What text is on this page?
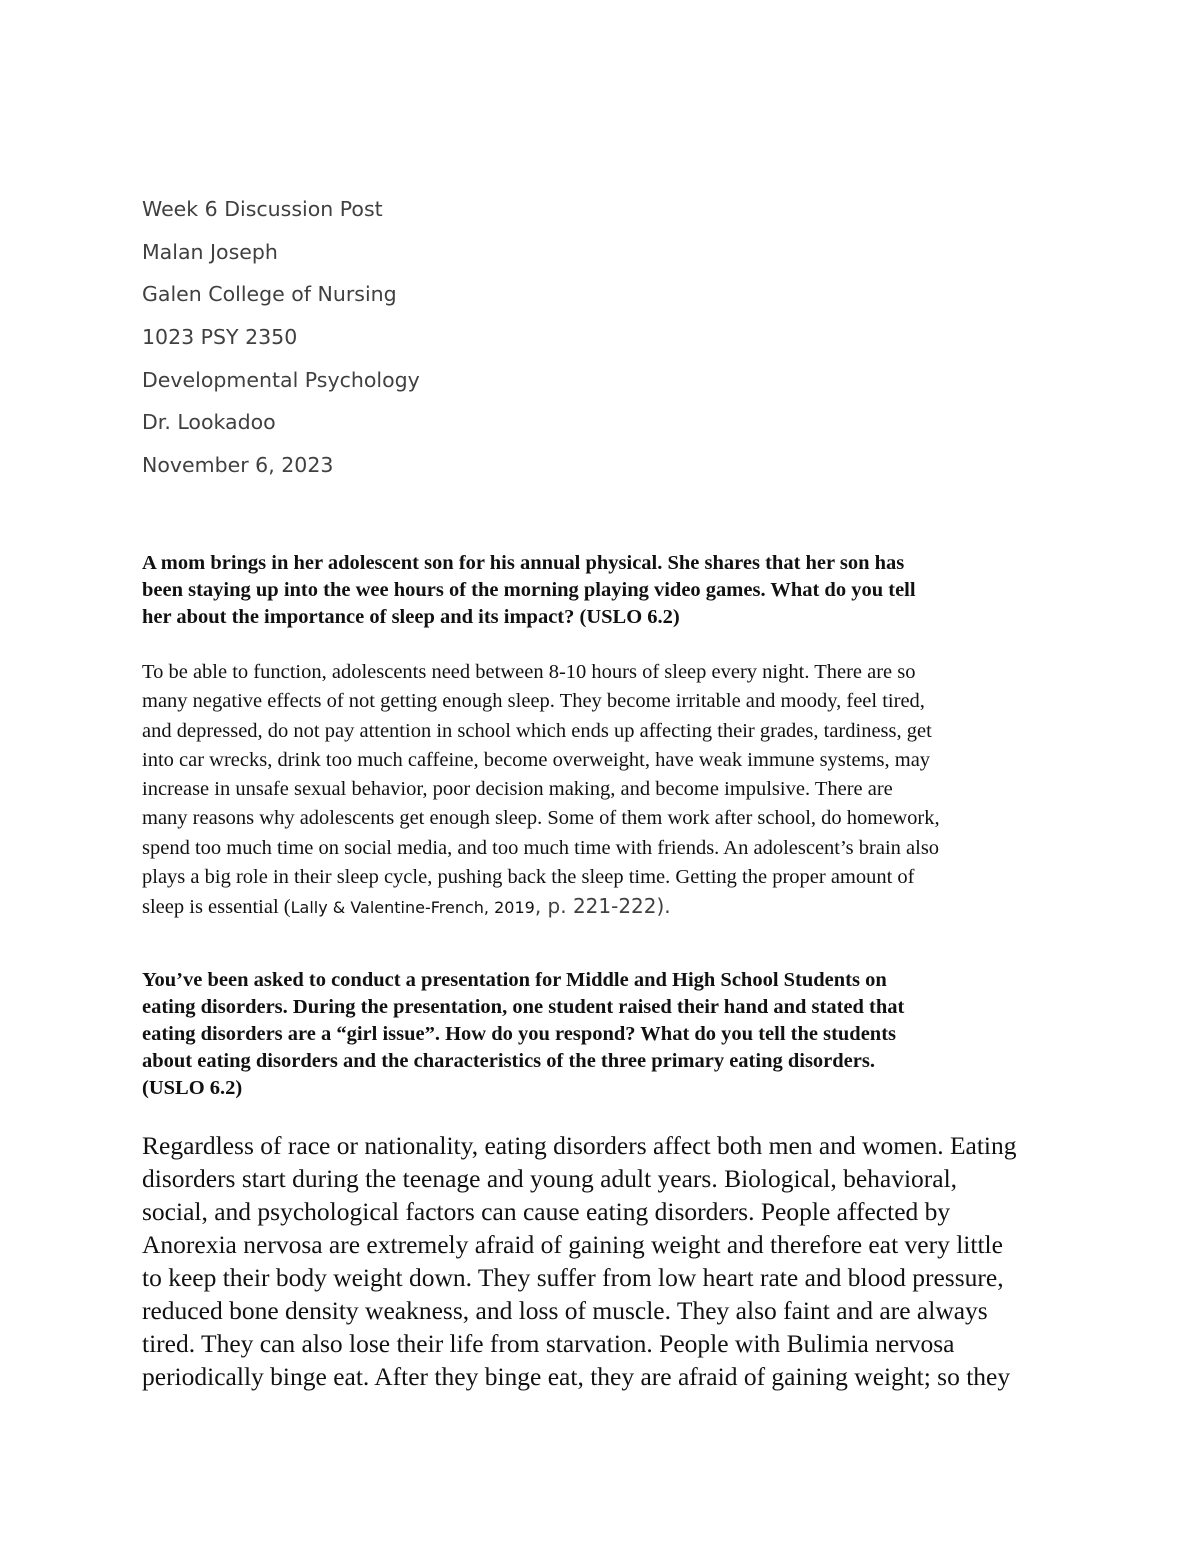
Week 6 Discussion Post
Malan Joseph
Galen College of Nursing
1023 PSY 2350
Developmental Psychology
Dr. Lookadoo
November 6, 2023
A mom brings in her adolescent son for his annual physical. She shares that her son has
been staying up into the wee hours of the morning playing video games. What do you tell
her about the importance of sleep and its impact? (USLO 6.2)
To be able to function, adolescents need between 8-10 hours of sleep every night. There are so
many negative effects of not getting enough sleep. They become irritable and moody, feel tired,
and depressed, do not pay attention in school which ends up affecting their grades, tardiness, get
into car wrecks, drink too much caffeine, become overweight, have weak immune systems, may
increase in unsafe sexual behavior, poor decision making, and become impulsive. There are
many reasons why adolescents get enough sleep. Some of them work after school, do homework,
spend too much time on social media, and too much time with friends. An adolescent’s brain also
plays a big role in their sleep cycle, pushing back the sleep time. Getting the proper amount of
sleep is essential (Lally & Valentine-French, 2019, p. 221-222).
You’ve been asked to conduct a presentation for Middle and High School Students on
eating disorders. During the presentation, one student raised their hand and stated that
eating disorders are a “girl issue”. How do you respond? What do you tell the students
about eating disorders and the characteristics of the three primary eating disorders.
(USLO 6.2)
Regardless of race or nationality, eating disorders affect both men and women. Eating
disorders start during the teenage and young adult years. Biological, behavioral,
social, and psychological factors can cause eating disorders. People affected by
Anorexia nervosa are extremely afraid of gaining weight and therefore eat very little
to keep their body weight down. They suffer from low heart rate and blood pressure,
reduced bone density weakness, and loss of muscle. They also faint and are always
tired. They can also lose their life from starvation. People with Bulimia nervosa
periodically binge eat. After they binge eat, they are afraid of gaining weight; so they
